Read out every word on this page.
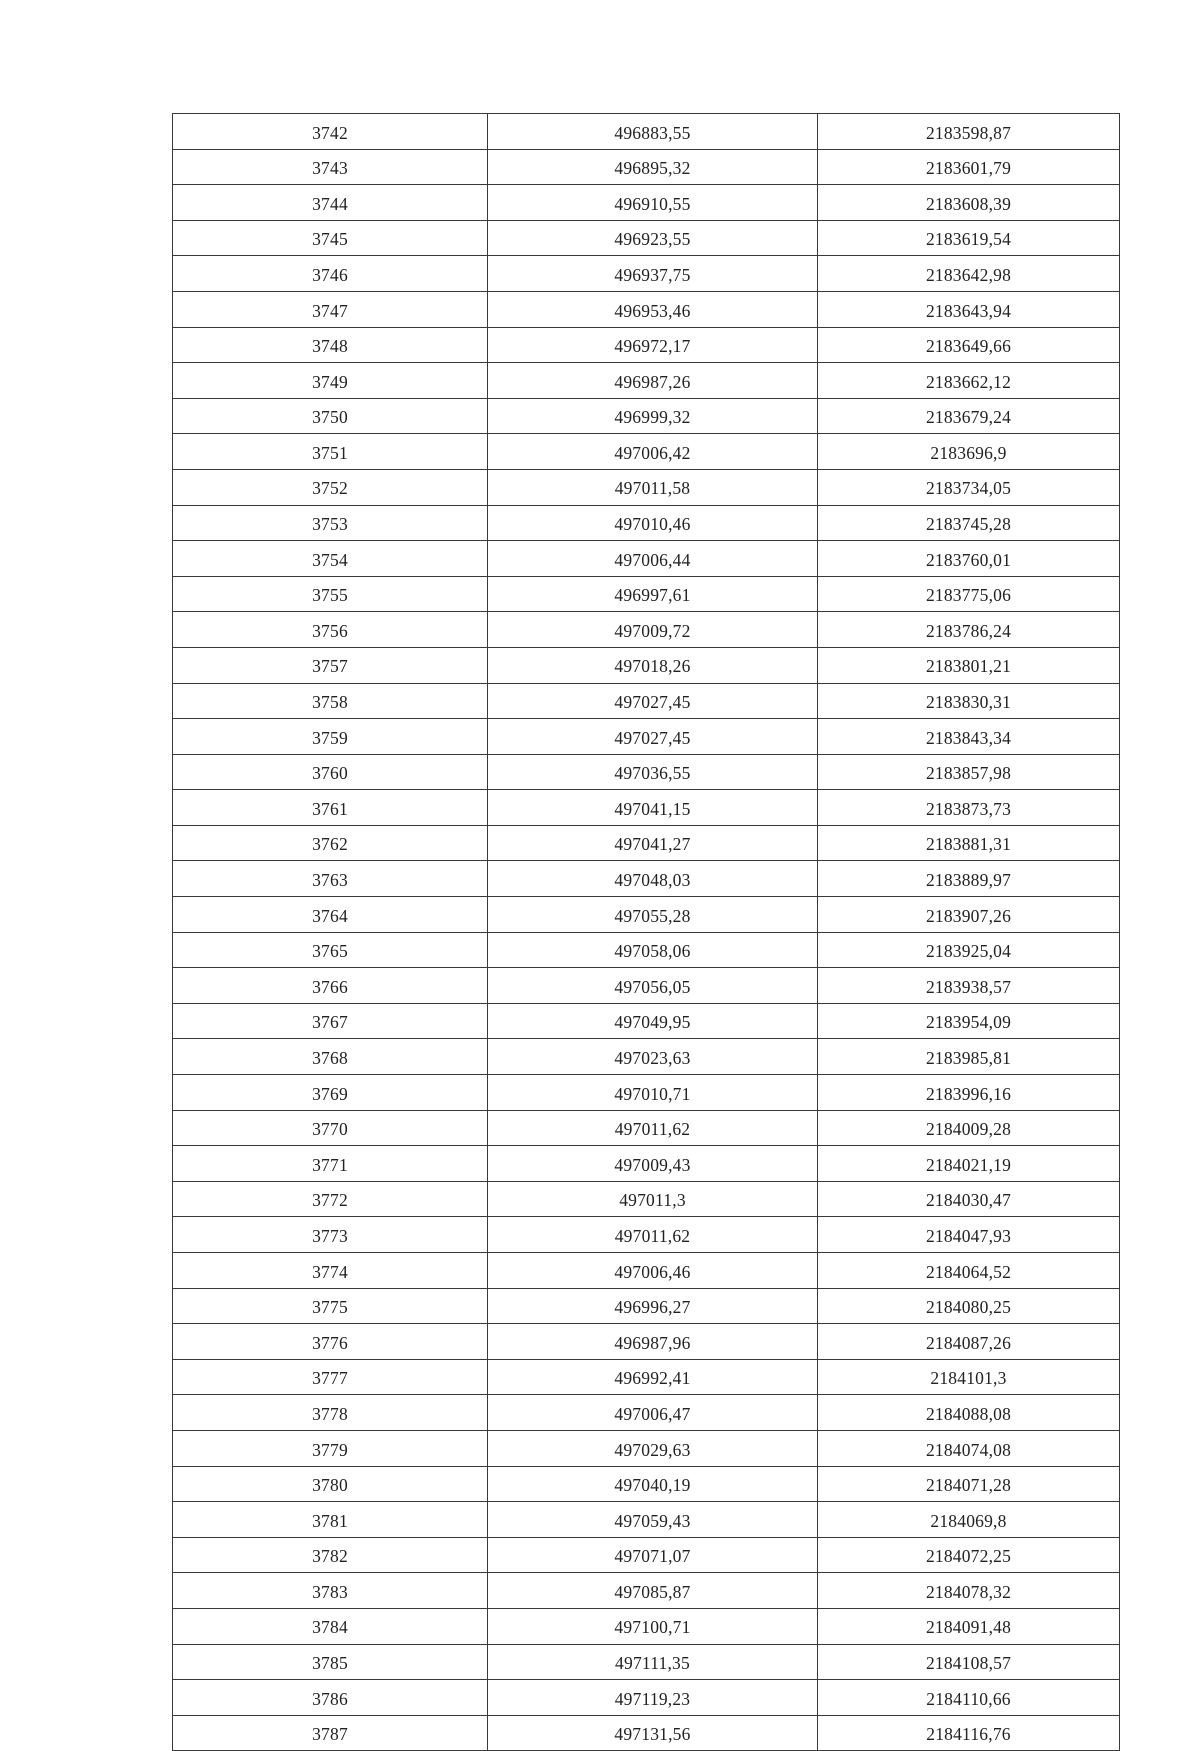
3742	496883,55	2183598,87
3743	496895,32	2183601,79
3744	496910,55	2183608,39
3745	496923,55	2183619,54
3746	496937,75	2183642,98
3747	496953,46	2183643,94
3748	496972,17	2183649,66
3749	496987,26	2183662,12
3750	496999,32	2183679,24
3751	497006,42	2183696,9
3752	497011,58	2183734,05
3753	497010,46	2183745,28
3754	497006,44	2183760,01
3755	496997,61	2183775,06
3756	497009,72	2183786,24
3757	497018,26	2183801,21
3758	497027,45	2183830,31
3759	497027,45	2183843,34
3760	497036,55	2183857,98
3761	497041,15	2183873,73
3762	497041,27	2183881,31
3763	497048,03	2183889,97
3764	497055,28	2183907,26
3765	497058,06	2183925,04
3766	497056,05	2183938,57
3767	497049,95	2183954,09
3768	497023,63	2183985,81
3769	497010,71	2183996,16
3770	497011,62	2184009,28
3771	497009,43	2184021,19
3772	497011,3	2184030,47
3773	497011,62	2184047,93
3774	497006,46	2184064,52
3775	496996,27	2184080,25
3776	496987,96	2184087,26
3777	496992,41	2184101,3
3778	497006,47	2184088,08
3779	497029,63	2184074,08
3780	497040,19	2184071,28
3781	497059,43	2184069,8
3782	497071,07	2184072,25
3783	497085,87	2184078,32
3784	497100,71	2184091,48
3785	497111,35	2184108,57
3786	497119,23	2184110,66
3787	497131,56	2184116,76
